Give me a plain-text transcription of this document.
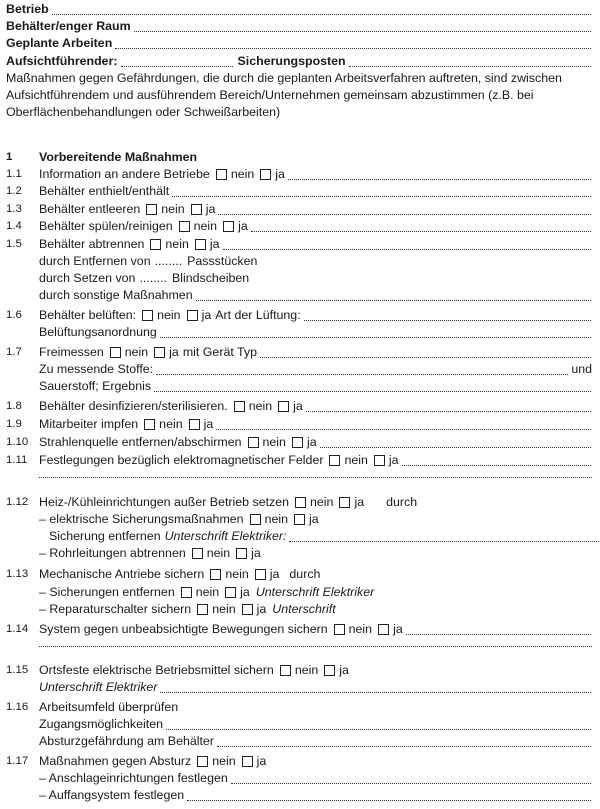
Betrieb
Behälter/enger Raum
Geplante Arbeiten
Aufsichtführender:	Sicherungsposten
Maßnahmen gegen Gefährdungen, die durch die geplanten Arbeitsverfahren auftreten, sind zwischen Aufsichtführendem und ausführendem Bereich/Unternehmen gemeinsam abzustimmen (z.B. bei Oberflächenbehandlungen oder Schweißarbeiten)
1	Vorbereitende Maßnahmen
1.1	Information an andere Betriebe nein ja
1.2	Behälter enthielt/enthält
1.3	Behälter entleeren nein ja
1.4	Behälter spülen/reinigen nein ja
1.5	Behälter abtrennen nein ja
durch Entfernen von ........ Passstücken
durch Setzen von ........ Blindscheiben
durch sonstige Maßnahmen
1.6	Behälter belüften: nein ja Art der Lüftung:
Belüftungsanordnung
1.7	Freimessen nein ja mit Gerät Typ
Zu messende Stoffe:	und
Sauerstoff; Ergebnis
1.8	Behälter desinfizieren/sterilisieren. nein ja
1.9	Mitarbeiter impfen nein ja
1.10 Strahlenquelle entfernen/abschirmen nein ja
1.11 Festlegungen bezüglich elektromagnetischer Felder nein ja
1.12 Heiz-/Kühleinrichtungen außer Betrieb setzen nein ja durch
– elektrische Sicherungsmaßnahmen nein ja
Sicherung entfernen Unterschrift Elektriker:
– Rohrleitungen abtrennen nein ja
1.13 Mechanische Antriebe sichern nein ja durch
– Sicherungen entfernen nein ja Unterschrift Elektriker
– Reparaturschalter sichern nein ja Unterschrift
1.14 System gegen unbeabsichtigte Bewegungen sichern nein ja
1.15 Ortsfeste elektrische Betriebsmittel sichern nein ja
Unterschrift Elektriker
1.16 Arbeitsumfeld überprüfen
Zugangsmöglichkeiten
Absturzgefährdung am Behälter
1.17 Maßnahmen gegen Absturz nein ja
– Anschlageinrichtungen festlegen
– Auffangsystem festlegen
